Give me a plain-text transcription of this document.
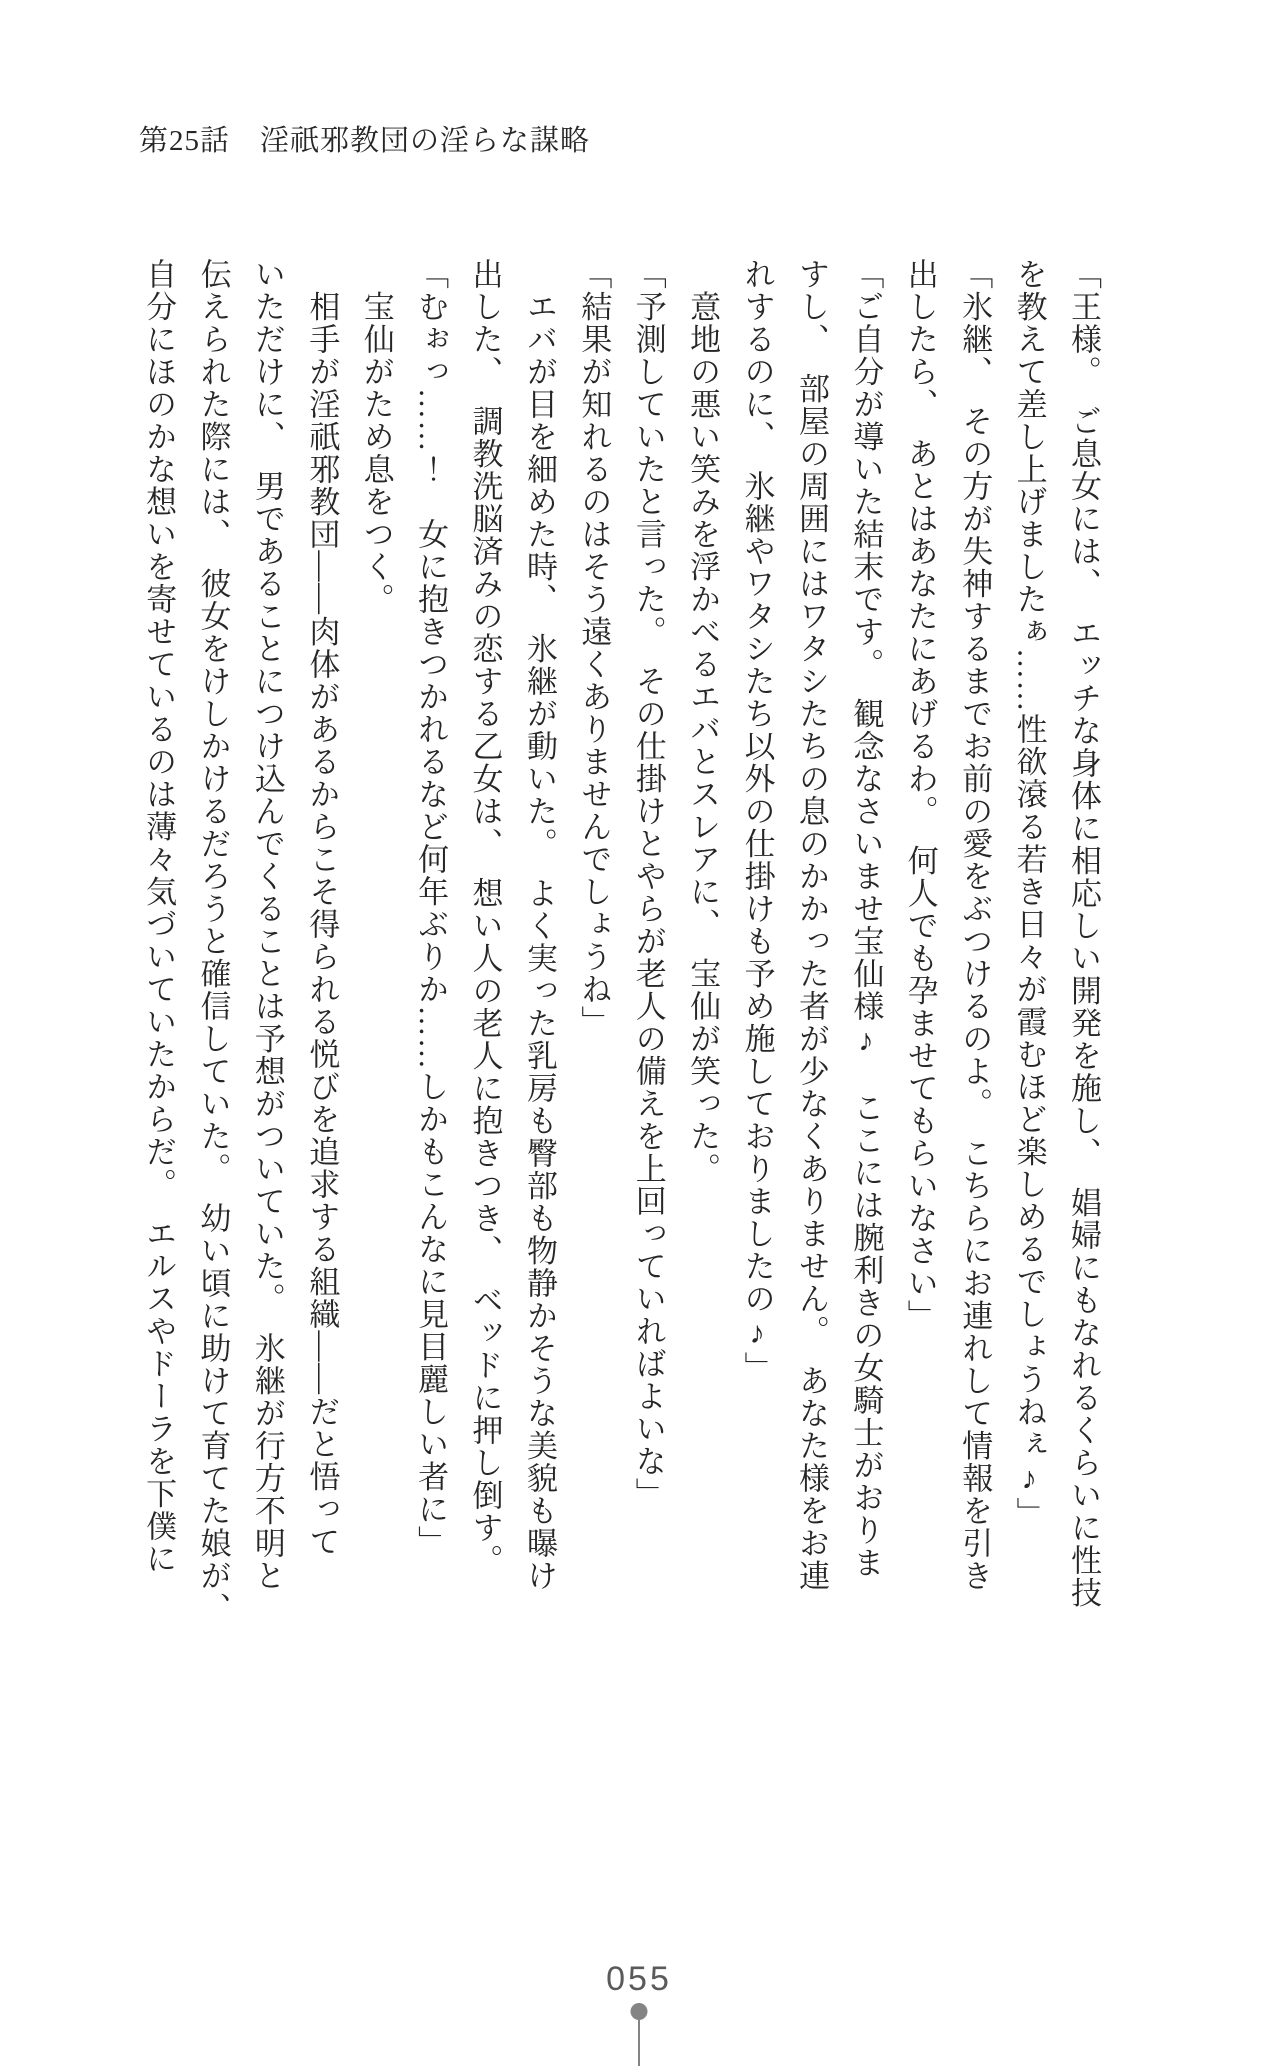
第25話　淫祇邪教団の淫らな謀略

「王様。　ご息女には、　エッチな身体に相応しい開発を施し、　娼婦にもなれるくらいに性技

を教えて差し上げましたぁ……性欲滾る若き日々が霞むほど楽しめるでしょうねぇ♪」

「氷継、　その方が失神するまでお前の愛をぶつけるのよ。　こちらにお連れして情報を引き

出したら、　あとはあなたにあげるわ。　何人でも孕ませてもらいなさい」

「ご自分が導いた結末です。　観念なさいませ宝仙様♪　ここには腕利きの女騎士がおりま

すし、　部屋の周囲にはワタシたちの息のかかった者が少なくありません。　あなた様をお連

れするのに、　氷継やワタシたち以外の仕掛けも予め施しておりましたの♪」

　意地の悪い笑みを浮かべるエバとスレアに、　宝仙が笑った。

「予測していたと言った。　その仕掛けとやらが老人の備えを上回っていればよいな」

「結果が知れるのはそう遠くありませんでしょうね」

　エバが目を細めた時、　氷継が動いた。　よく実った乳房も臀部も物静かそうな美貌も曝け

出した、　調教洗脳済みの恋する乙女は、　想い人の老人に抱きつき、　ベッドに押し倒す。

「むぉっ……！　女に抱きつかれるなど何年ぶりか……しかもこんなに見目麗しい者に」

　宝仙がため息をつく。

　相手が淫祇邪教団――肉体があるからこそ得られる悦びを追求する組織――だと悟って

いただけに、　男であることにつけ込んでくることは予想がついていた。　氷継が行方不明と

伝えられた際には、　彼女をけしかけるだろうと確信していた。　幼い頃に助けて育てた娘が、

自分にほのかな想いを寄せているのは薄々気づいていたからだ。　エルスやドーラを下僕に

055
